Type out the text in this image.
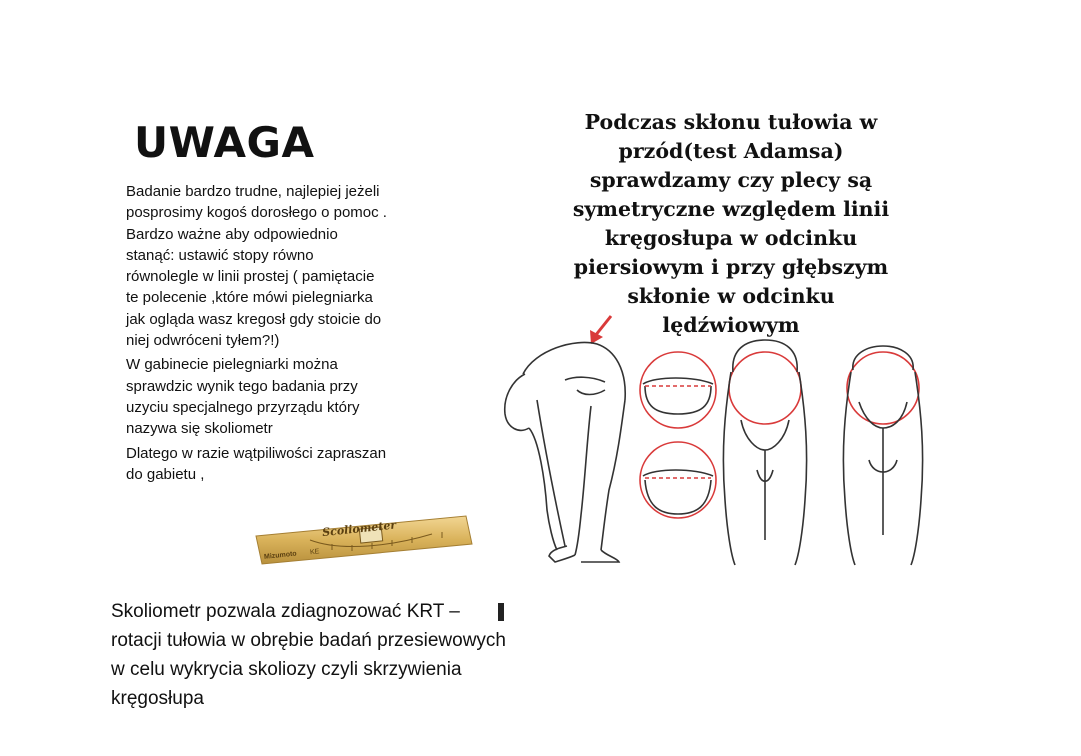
UWAGA

Badanie bardzo trudne, najlepiej jeżeli
posprosimy kogoś dorosłego o pomoc .
Bardzo ważne aby odpowiednio
stanąć: ustawić stopy równo
równolegle w linii prostej ( pamiętacie
te polecenie ,które mówi pielegniarka
jak ogląda wasz kregosł gdy stoicie do
niej odwróceni tyłem?!)

W gabinecie pielegniarki można
sprawdzic wynik tego badania przy
uzyciu specjalnego przyrządu który
nazywa się skoliometr

Dlatego w razie wątpiliwości zapraszan
do gabietu ,

Podczas skłonu tułowia w
przód(test Adamsa)
sprawdzamy czy plecy są
symetryczne względem linii
kręgosłupa w odcinku
piersiowym i przy głębszym
skłonie w odcinku lędźwiowym
Scoliometer
Mizumoto KE
Skoliometr pozwala zdiagnozować KRT –
rotacji tułowia w obrębie badań przesiewowych
w celu wykrycia skoliozy czyli skrzywienia
kręgosłupa
